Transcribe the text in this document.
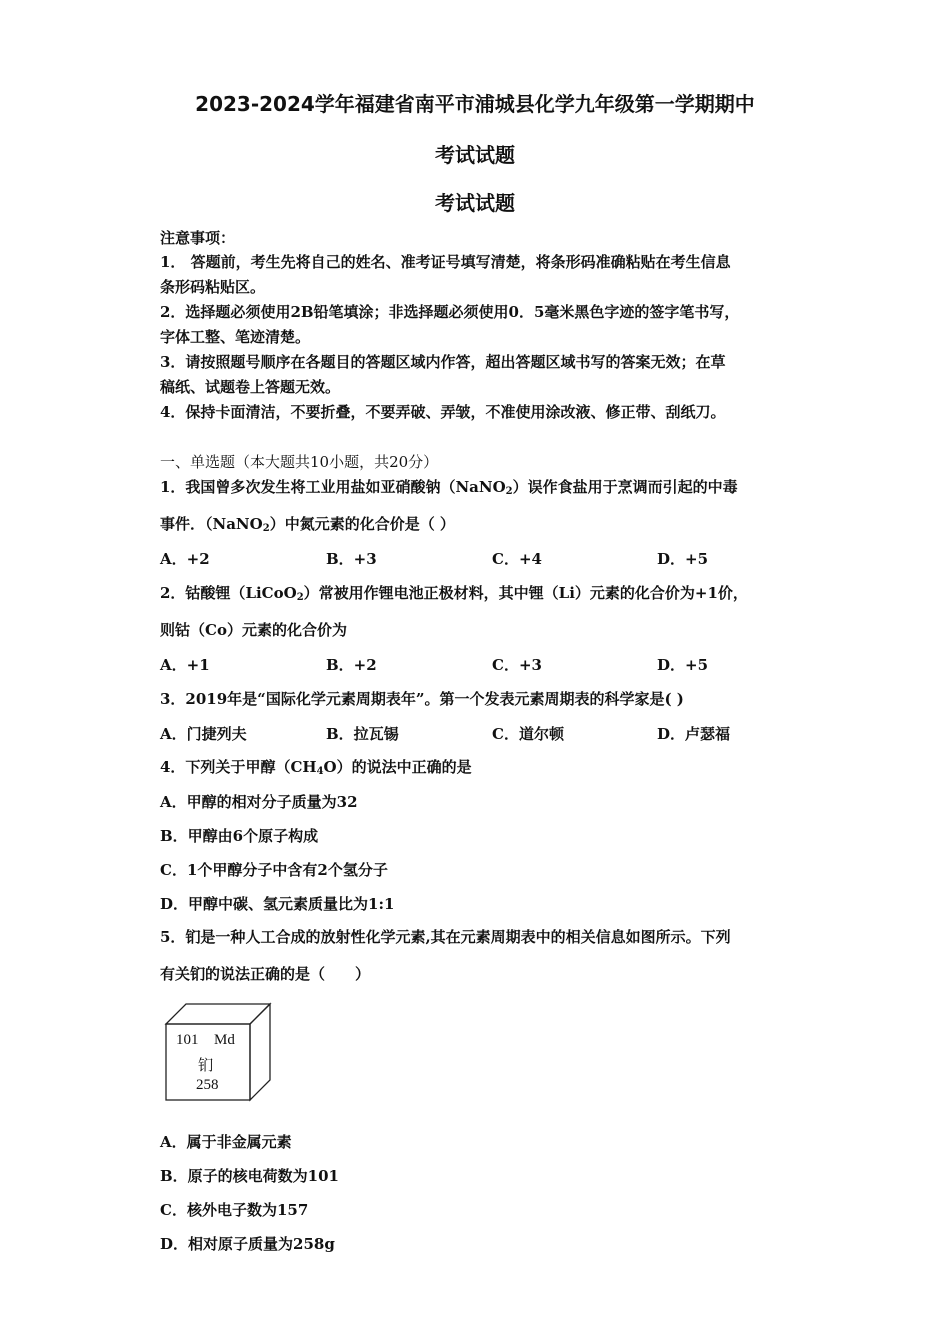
2023-2024学年福建省南平市浦城县化学九年级第一学期期中
考试试题
考试试题
注意事项：
1． 答题前，考生先将自己的姓名、准考证号填写清楚，将条形码准确粘贴在考生信息
条形码粘贴区。
2．选择题必须使用2B铅笔填涂；非选择题必须使用0．5毫米黑色字迹的签字笔书写，
字体工整、笔迹清楚。
3．请按照题号顺序在各题目的答题区域内作答，超出答题区域书写的答案无效；在草
稿纸、试题卷上答题无效。
4．保持卡面清洁，不要折叠，不要弄破、弄皱，不准使用涂改液、修正带、刮纸刀。
一、单选题（本大题共10小题，共20分）
1．我国曾多次发生将工业用盐如亚硝酸钠（NaNO$_2$）误作食盐用于烹调而引起的中毒
事件．（NaNO$_2$）中氮元素的化合价是（ ）
A．+2	B．+3	C．+4	D．+5
2．钴酸锂（LiCoO$_2$）常被用作锂电池正极材料，其中锂（Li）元素的化合价为+1价，
则钴（Co）元素的化合价为
A．+1	B．+2	C．+3	D．+5
3．2019年是“国际化学元素周期表年”。第一个发表元素周期表的科学家是( )
A．门捷列夫	B．拉瓦锡	C．道尔顿	D．卢瑟福
4．下列关于甲醇$(CH_4O)$的说法中正确的是
A．甲醇的相对分子质量为32
B．甲醇由6个原子构成
C．1个甲醇分子中含有2个氢分子
D．甲醇中碳、氢元素质量比为1:1
5．钔是一种人工合成的放射性化学元素,其在元素周期表中的相关信息如图所示。下列
有关钔的说法正确的是（　　）
101 Md
钔
258
A．属于非金属元素
B．原子的核电荷数为101
C．核外电子数为157
D．相对原子质量为258g
